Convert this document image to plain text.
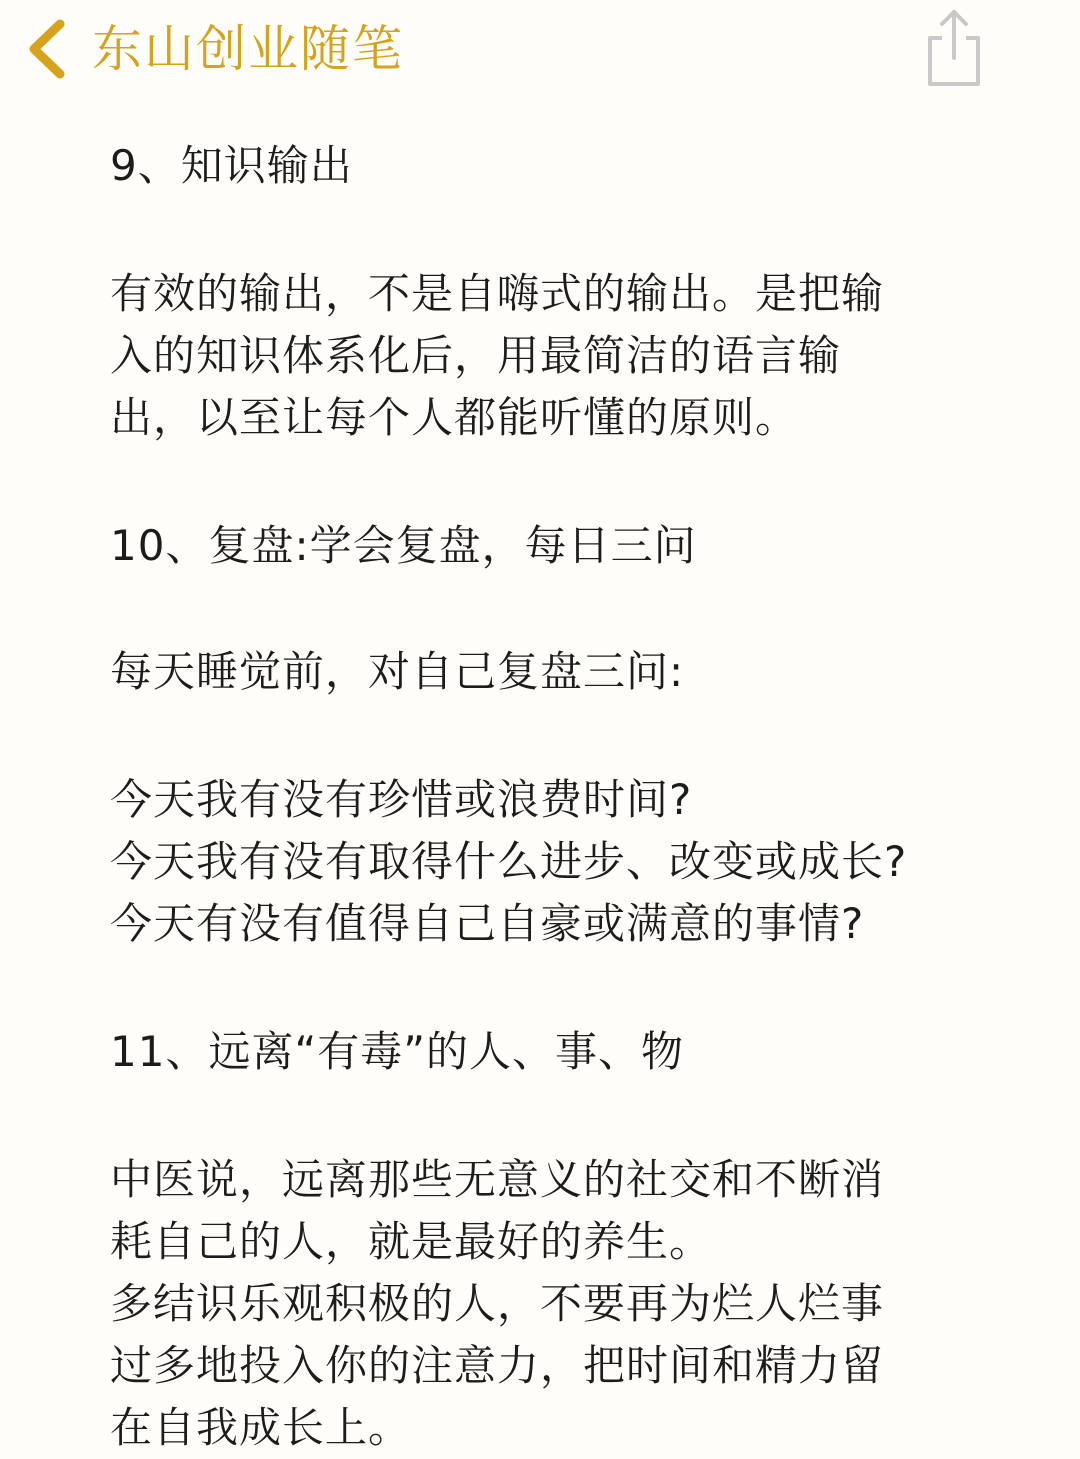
东山创业随笔
9、知识输出
有效的输出，不是自嗨式的输出。是把输
入的知识体系化后，用最简洁的语言输
出，以至让每个人都能听懂的原则。
10、复盘:学会复盘，每日三问
每天睡觉前，对自己复盘三问:
今天我有没有珍惜或浪费时间?
今天我有没有取得什么进步、改变或成长?
今天有没有值得自己自豪或满意的事情?
11、远离“有毒”的人、事、物
中医说，远离那些无意义的社交和不断消
耗自己的人，就是最好的养生。
多结识乐观积极的人，不要再为烂人烂事
过多地投入你的注意力，把时间和精力留
在自我成长上。
